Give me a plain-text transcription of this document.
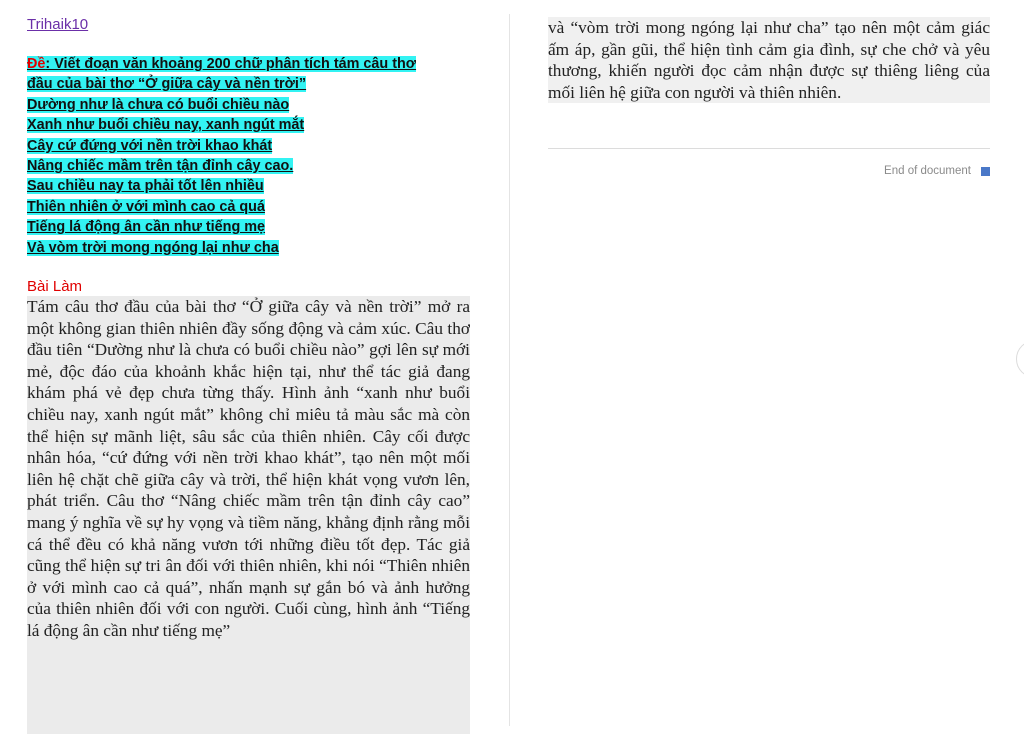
Trihaik10
Đề: Viết đoạn văn khoảng 200 chữ phân tích tám câu thơ
đầu của bài thơ “Ở giữa cây và nền trời”
Dường như là chưa có buổi chiều nào
Xanh như buổi chiều nay, xanh ngút mắt
Cây cứ đứng với nền trời khao khát
Nâng chiếc mầm trên tận đỉnh cây cao.
Sau chiều nay ta phải tốt lên nhiều
Thiên nhiên ở với mình cao cả quá
Tiếng lá động ân cần như tiếng mẹ
Và vòm trời mong ngóng lại như cha
Bài Làm
Tám câu thơ đầu của bài thơ “Ở giữa cây và nền trời” mở ra một không gian thiên nhiên đầy sống động và cảm xúc. Câu thơ đầu tiên “Dường như là chưa có buổi chiều nào” gợi lên sự mới mẻ, độc đáo của khoảnh khắc hiện tại, như thể tác giả đang khám phá vẻ đẹp chưa từng thấy. Hình ảnh “xanh như buổi chiều nay, xanh ngút mắt” không chỉ miêu tả màu sắc mà còn thể hiện sự mãnh liệt, sâu sắc của thiên nhiên. Cây cối được nhân hóa, “cứ đứng với nền trời khao khát”, tạo nên một mối liên hệ chặt chẽ giữa cây và trời, thể hiện khát vọng vươn lên, phát triển. Câu thơ “Nâng chiếc mầm trên tận đỉnh cây cao” mang ý nghĩa về sự hy vọng và tiềm năng, khẳng định rằng mỗi cá thể đều có khả năng vươn tới những điều tốt đẹp. Tác giả cũng thể hiện sự tri ân đối với thiên nhiên, khi nói “Thiên nhiên ở với mình cao cả quá”, nhấn mạnh sự gắn bó và ảnh hưởng của thiên nhiên đối với con người. Cuối cùng, hình ảnh “Tiếng lá động ân cần như tiếng mẹ”

và “vòm trời mong ngóng lại như cha” tạo nên một cảm giác ấm áp, gần gũi, thể hiện tình cảm gia đình, sự che chở và yêu thương, khiến người đọc cảm nhận được sự thiêng liêng của mối liên hệ giữa con người và thiên nhiên.

End of document
